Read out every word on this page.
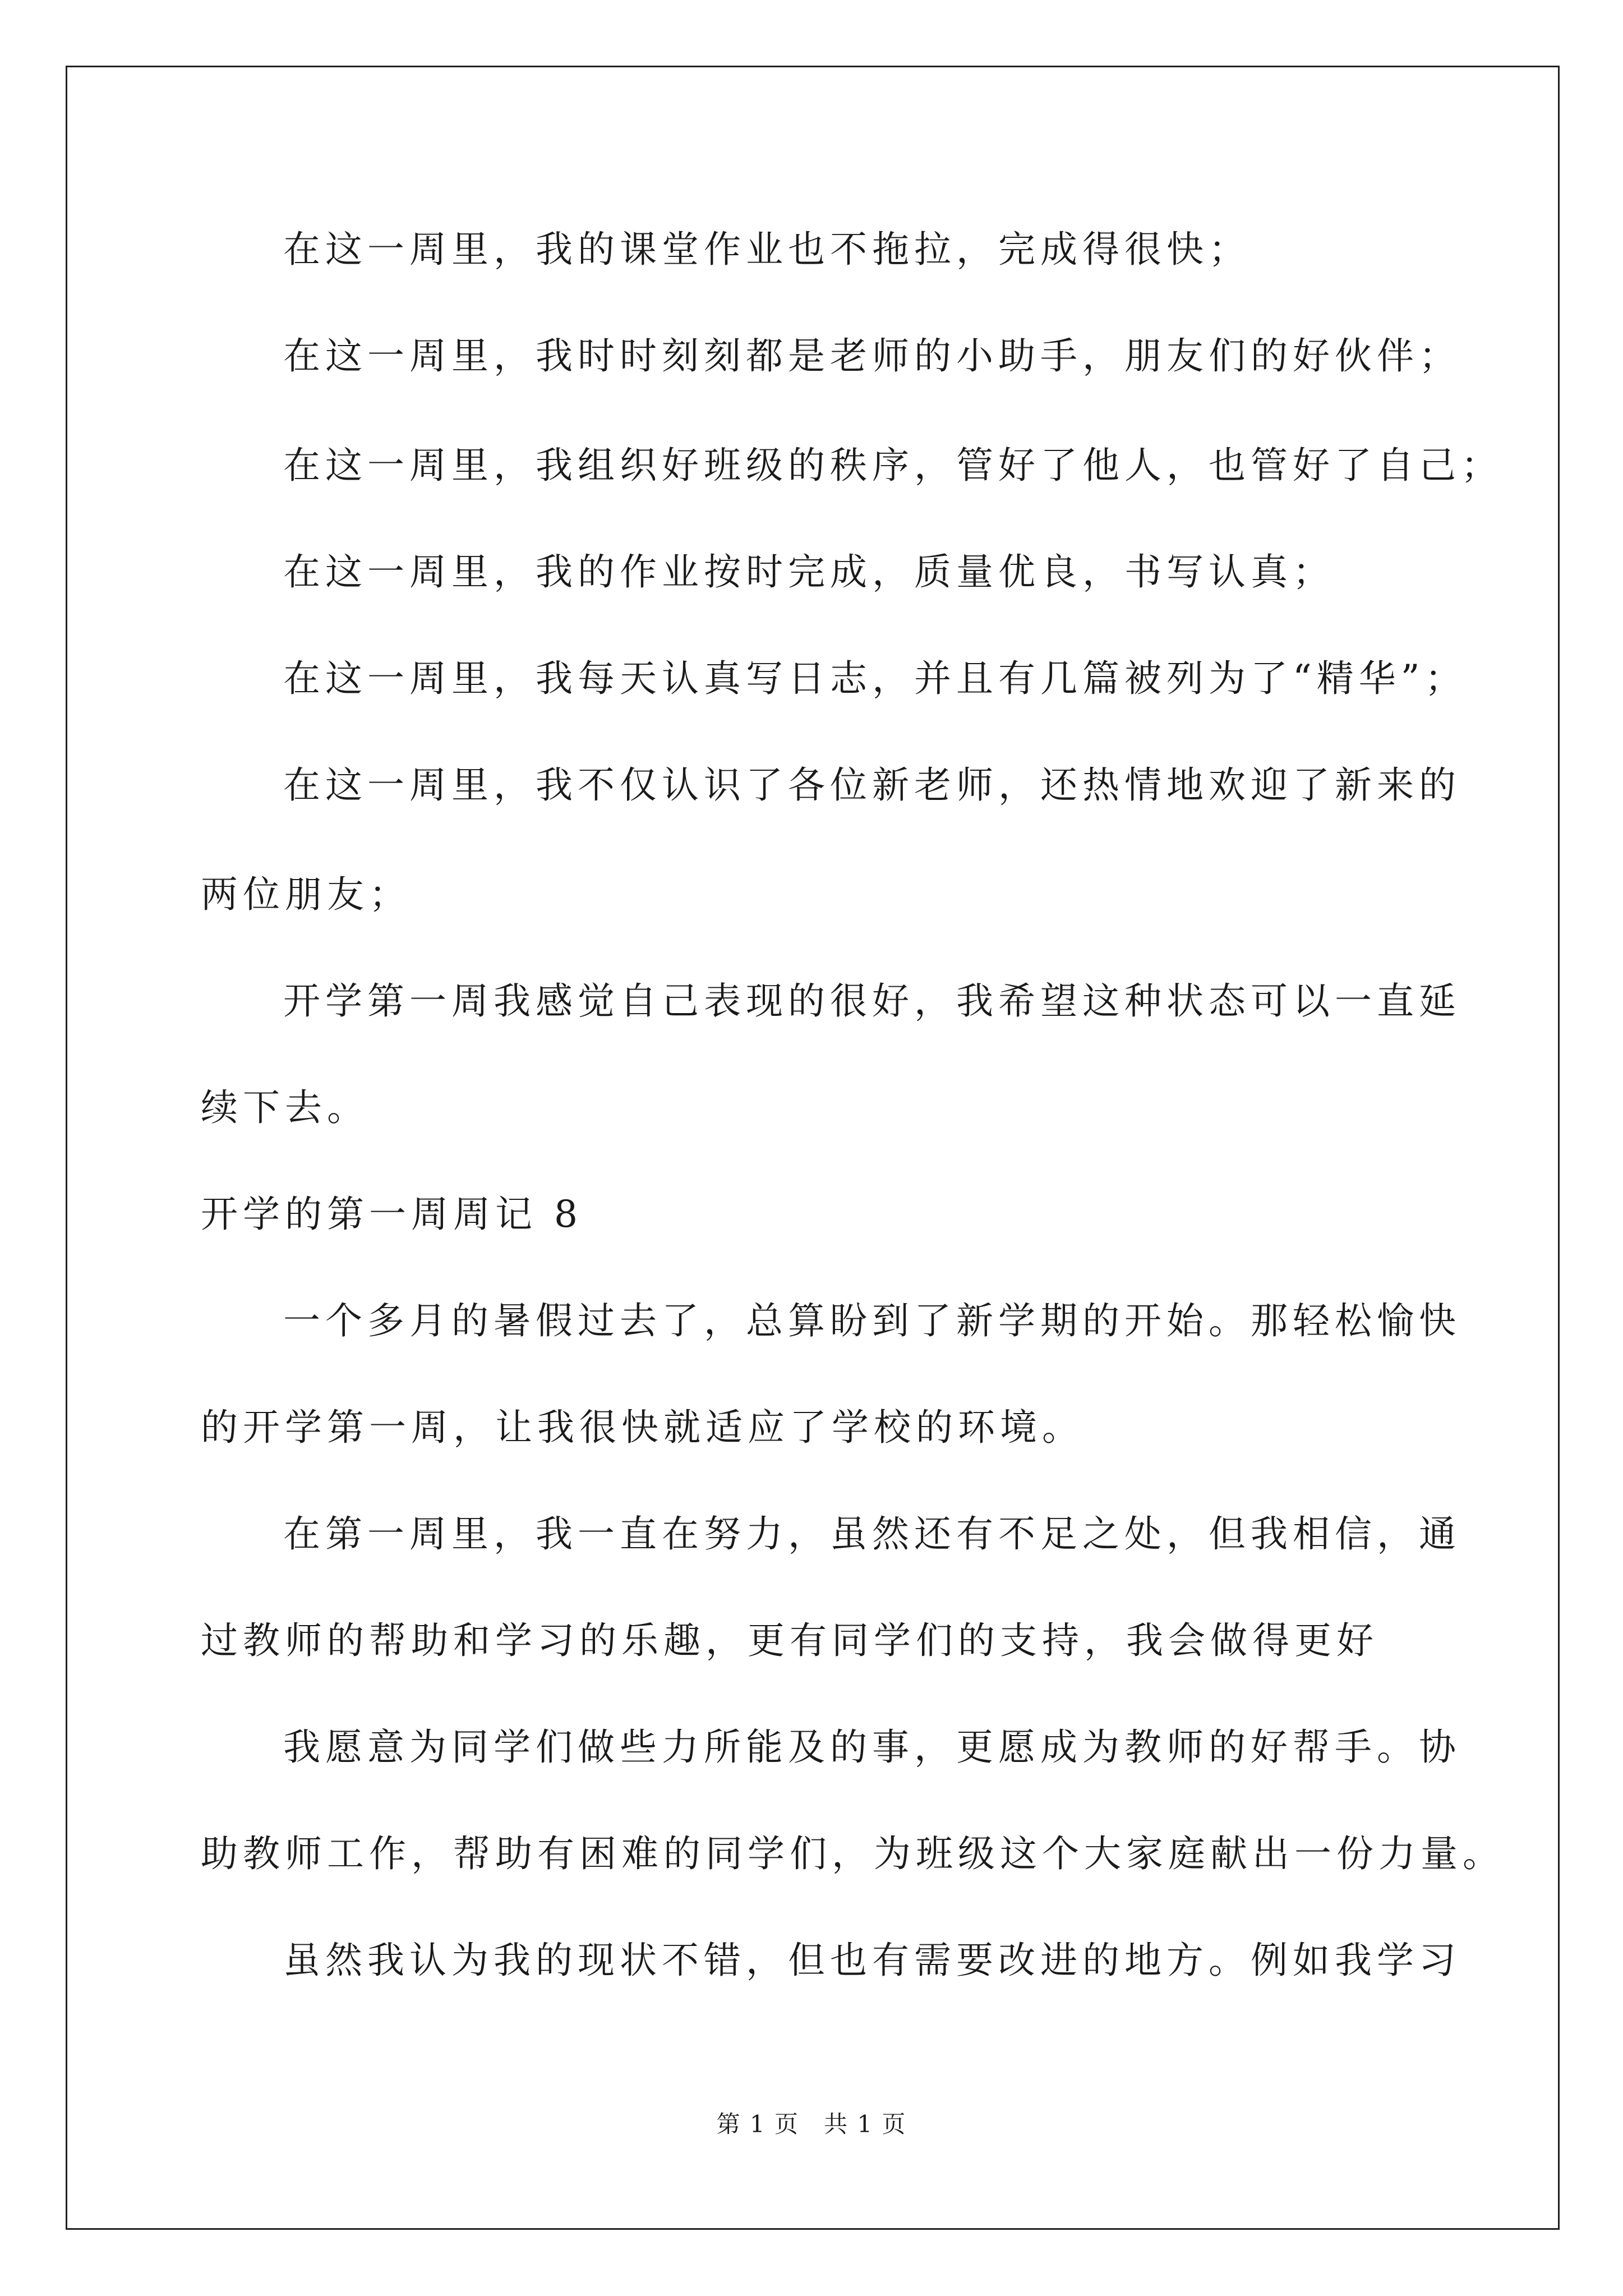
在这一周里，我的课堂作业也不拖拉，完成得很快；
在这一周里，我时时刻刻都是老师的小助手，朋友们的好伙伴；
在这一周里，我组织好班级的秩序，管好了他人，也管好了自己；
在这一周里，我的作业按时完成，质量优良，书写认真；
在这一周里，我每天认真写日志，并且有几篇被列为了“精华”；
在这一周里，我不仅认识了各位新老师，还热情地欢迎了新来的
两位朋友；
开学第一周我感觉自己表现的很好，我希望这种状态可以一直延
续下去。
开学的第一周周记 8
一个多月的暑假过去了，总算盼到了新学期的开始。那轻松愉快
的开学第一周，让我很快就适应了学校的环境。
在第一周里，我一直在努力，虽然还有不足之处，但我相信，通
过教师的帮助和学习的乐趣，更有同学们的支持，我会做得更好
我愿意为同学们做些力所能及的事，更愿成为教师的好帮手。协
助教师工作，帮助有困难的同学们，为班级这个大家庭献出一份力量。
虽然我认为我的现状不错，但也有需要改进的地方。例如我学习
第 1 页　共 1 页
